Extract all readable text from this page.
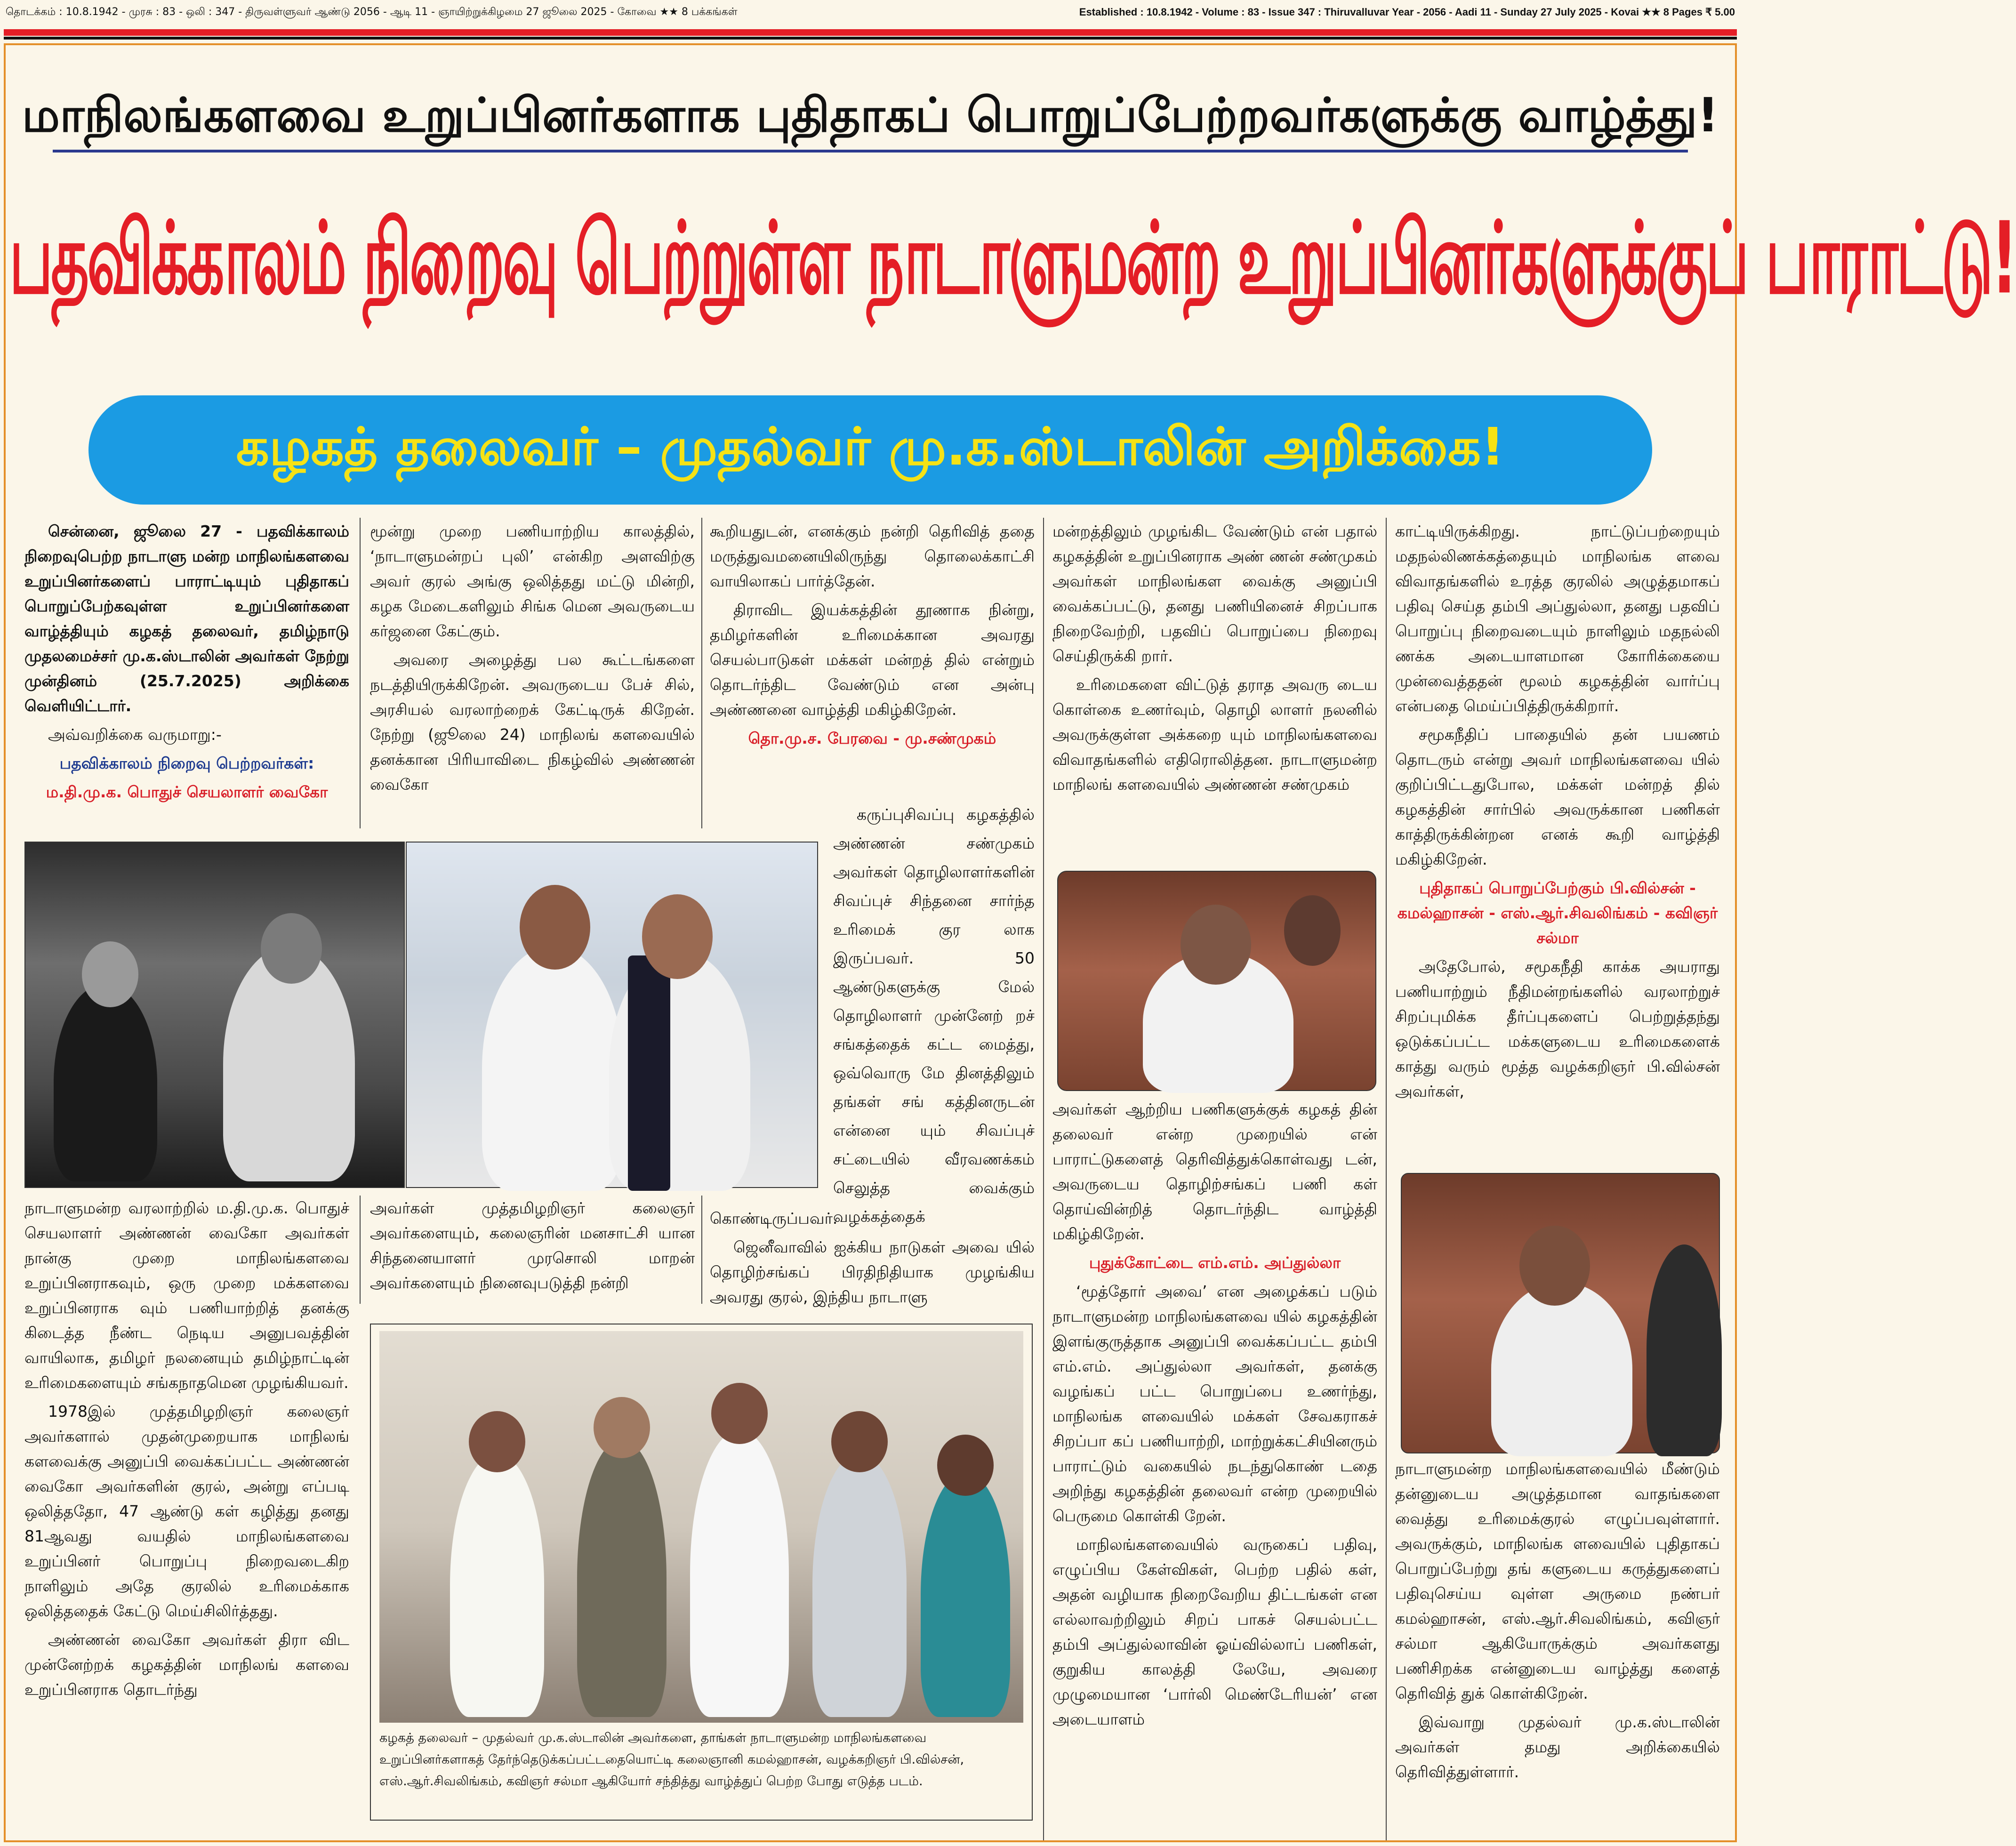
தொடக்கம் : 10.8.1942 - முரசு : 83 - ஒலி : 347 - திருவள்ளுவர் ஆண்டு 2056 - ஆடி 11 - ஞாயிற்றுக்கிழமை 27 ஜூலை 2025 - கோவை ★★ 8 பக்கங்கள்	Established : 10.8.1942 - Volume : 83 - Issue 347 : Thiruvalluvar Year - 2056 - Aadi 11 - Sunday 27 July 2025 - Kovai ★★ 8 Pages ₹ 5.00
மாநிலங்களவை உறுப்பினர்களாக புதிதாகப் பொறுப்பேற்றவர்களுக்கு வாழ்த்து!
பதவிக்காலம் நிறைவு பெற்றுள்ள நாடாளுமன்ற உறுப்பினர்களுக்குப் பாராட்டு!
கழகத் தலைவர் – முதல்வர் மு.க.ஸ்டாலின் அறிக்கை!

சென்னை, ஜூலை 27 - பதவிக்காலம் நிறைவுபெற்ற நாடாளு மன்ற மாநிலங்களவை உறுப்பினர்களைப் பாராட்டியும் புதிதாகப் பொறுப்பேற்கவுள்ள உறுப்பினர்களை வாழ்த்தியும் கழகத் தலைவர், தமிழ்நாடு முதலமைச்சர் மு.க.ஸ்டாலின் அவர்கள் நேற்று முன்தினம் (25.7.2025) அறிக்கை வெளியிட்டார்.

அவ்வறிக்கை வருமாறு:-

பதவிக்காலம் நிறைவு பெற்றவர்கள்:

ம.தி.மு.க. பொதுச் செயலாளர் வைகோ

மூன்று முறை பணியாற்றிய காலத்தில், ‘நாடாளுமன்றப் புலி’ என்கிற அளவிற்கு அவர் குரல் அங்கு ஒலித்தது மட்டு மின்றி, கழக மேடைகளிலும் சிங்க மென அவருடைய கர்ஜனை கேட்கும்.

அவரை அழைத்து பல கூட்டங்களை நடத்தியிருக்கிறேன். அவருடைய பேச் சில், அரசியல் வரலாற்றைக் கேட்டிருக் கிறேன். நேற்று (ஜூலை 24) மாநிலங் களவையில் தனக்கான பிரியாவிடை நிகழ்வில் அண்ணன் வைகோ

கூறியதுடன், எனக்கும் நன்றி தெரிவித் ததை மருத்துவமனையிலிருந்து தொலைக்காட்சி வாயிலாகப் பார்த்தேன்.

திராவிட இயக்கத்தின் தூணாக நின்று, தமிழர்களின் உரிமைக்கான அவரது செயல்பாடுகள் மக்கள் மன்றத் தில் என்றும் தொடர்ந்திட வேண்டும் என அன்பு அண்ணனை வாழ்த்தி மகிழ்கிறேன்.

தொ.மு.ச. பேரவை - மு.சண்முகம்

கருப்புசிவப்பு கழகத்தில் அண்ணன் சண்முகம் அவர்கள் தொழிலாளர்களின் சிவப்புச் சிந்தனை சார்ந்த உரிமைக் குர லாக இருப்பவர். 50 ஆண்டுகளுக்கு மேல் தொழிலாளர் முன்னேற் றச் சங்கத்தைக் கட்ட மைத்து, ஒவ்வொரு மே தினத்திலும் தங்கள் சங் கத்தினருடன் என்னை யும் சிவப்புச் சட்டையில் வீரவணக்கம் செலுத்த வைக்கும் வழக்கத்தைக்

கொண்டிருப்பவர்.

ஜெனீவாவில் ஐக்கிய நாடுகள் அவை யில் தொழிற்சங்கப் பிரதிநிதியாக முழங்கிய அவரது குரல், இந்திய நாடாளு

மன்றத்திலும் முழங்கிட வேண்டும் என் பதால் கழகத்தின் உறுப்பினராக அண் ணன் சண்முகம் அவர்கள் மாநிலங்கள வைக்கு அனுப்பி வைக்கப்பட்டு, தனது பணியினைச் சிறப்பாக நிறைவேற்றி, பதவிப் பொறுப்பை நிறைவு செய்திருக்கி றார்.

உரிமைகளை விட்டுத் தராத அவரு டைய கொள்கை உணர்வும், தொழி லாளர் நலனில் அவருக்குள்ள அக்கறை யும் மாநிலங்களவை விவாதங்களில் எதிரொலித்தன. நாடாளுமன்ற மாநிலங் களவையில் அண்ணன் சண்முகம்

அவர்கள் ஆற்றிய பணிகளுக்குக் கழகத் தின் தலைவர் என்ற முறையில் என் பாராட்டுகளைத் தெரிவித்துக்கொள்வது டன், அவருடைய தொழிற்சங்கப் பணி கள் தொய்வின்றித் தொடர்ந்திட வாழ்த்தி மகிழ்கிறேன்.

புதுக்கோட்டை எம்.எம். அப்துல்லா

‘மூத்தோர் அவை’ என அழைக்கப் படும் நாடாளுமன்ற மாநிலங்களவை யில் கழகத்தின் இளங்குருத்தாக அனுப்பி வைக்கப்பட்ட தம்பி எம்.எம். அப்துல்லா அவர்கள், தனக்கு வழங்கப் பட்ட பொறுப்பை உணர்ந்து, மாநிலங்க ளவையில் மக்கள் சேவகராகச் சிறப்பா கப் பணியாற்றி, மாற்றுக்கட்சியினரும் பாராட்டும் வகையில் நடந்துகொண் டதை அறிந்து கழகத்தின் தலைவர் என்ற முறையில் பெருமை கொள்கி றேன்.

மாநிலங்களவையில் வருகைப் பதிவு, எழுப்பிய கேள்விகள், பெற்ற பதில் கள், அதன் வழியாக நிறைவேறிய திட்டங்கள் என எல்லாவற்றிலும் சிறப் பாகச் செயல்பட்ட தம்பி அப்துல்லாவின் ஓய்வில்லாப் பணிகள், குறுகிய காலத்தி லேயே, அவரை முழுமையான ‘பார்லி மெண்டேரியன்’ என அடையாளம்

காட்டியிருக்கிறது. நாட்டுப்பற்றையும் மதநல்லிணக்கத்தையும் மாநிலங்க ளவை விவாதங்களில் உரத்த குரலில் அழுத்தமாகப் பதிவு செய்த தம்பி அப்துல்லா, தனது பதவிப் பொறுப்பு நிறைவடையும் நாளிலும் மதநல்லி ணக்க அடையாளமான கோரிக்கையை முன்வைத்ததன் மூலம் கழகத்தின் வார்ப்பு என்பதை மெய்ப்பித்திருக்கிறார்.

சமூகநீதிப் பாதையில் தன் பயணம் தொடரும் என்று அவர் மாநிலங்களவை யில் குறிப்பிட்டதுபோல, மக்கள் மன்றத் தில் கழகத்தின் சார்பில் அவருக்கான பணிகள் காத்திருக்கின்றன எனக் கூறி வாழ்த்தி மகிழ்கிறேன்.

புதிதாகப் பொறுப்பேற்கும் பி.வில்சன் - கமல்ஹாசன் - எஸ்.ஆர்.சிவலிங்கம் - கவிஞர் சல்மா

அதேபோல், சமூகநீதி காக்க அயராது பணியாற்றும் நீதிமன்றங்களில் வரலாற்றுச் சிறப்புமிக்க தீர்ப்புகளைப் பெற்றுத்தந்து ஒடுக்கப்பட்ட மக்களுடைய உரிமைகளைக் காத்து வரும் மூத்த வழக்கறிஞர் பி.வில்சன் அவர்கள்,

நாடாளுமன்ற மாநிலங்களவையில் மீண்டும் தன்னுடைய அழுத்தமான வாதங்களை வைத்து உரிமைக்குரல் எழுப்பவுள்ளார். அவருக்கும், மாநிலங்க ளவையில் புதிதாகப் பொறுப்பேற்று தங் களுடைய கருத்துகளைப் பதிவுசெய்ய வுள்ள அருமை நண்பர் கமல்ஹாசன், எஸ்.ஆர்.சிவலிங்கம், கவிஞர் சல்மா ஆகியோருக்கும் அவர்களது பணிசிறக்க என்னுடைய வாழ்த்து களைத் தெரிவித் துக் கொள்கிறேன்.

இவ்வாறு முதல்வர் மு.க.ஸ்டாலின் அவர்கள் தமது அறிக்கையில் தெரிவித்துள்ளார்.

நாடாளுமன்ற வரலாற்றில் ம.தி.மு.க. பொதுச் செயலாளர் அண்ணன் வைகோ அவர்கள் நான்கு முறை மாநிலங்களவை உறுப்பினராகவும், ஒரு முறை மக்களவை உறுப்பினராக வும் பணியாற்றித் தனக்கு கிடைத்த நீண்ட நெடிய அனுபவத்தின் வாயிலாக, தமிழர் நலனையும் தமிழ்நாட்டின் உரிமைகளையும் சங்கநாதமென முழங்கியவர்.

1978இல் முத்தமிழறிஞர் கலைஞர் அவர்களால் முதன்முறையாக மாநிலங் களவைக்கு அனுப்பி வைக்கப்பட்ட அண்ணன் வைகோ அவர்களின் குரல், அன்று எப்படி ஒலித்ததோ, 47 ஆண்டு கள் கழித்து தனது 81ஆவது வயதில் மாநிலங்களவை உறுப்பினர் பொறுப்பு நிறைவடைகிற நாளிலும் அதே குரலில் உரிமைக்காக ஒலித்ததைக் கேட்டு மெய்சிலிர்த்தது.

அண்ணன் வைகோ அவர்கள் திரா விட முன்னேற்றக் கழகத்தின் மாநிலங் களவை உறுப்பினராக தொடர்ந்து

அவர்கள் முத்தமிழறிஞர் கலைஞர் அவர்களையும், கலைஞரின் மனசாட்சி யான சிந்தனையாளர் முரசொலி மாறன் அவர்களையும் நினைவுபடுத்தி நன்றி

கழகத் தலைவர் – முதல்வர் மு.க.ஸ்டாலின் அவர்களை, தாங்கள் நாடாளுமன்ற மாநிலங்களவை உறுப்பினர்களாகத் தேர்ந்தெடுக்கப்பட்டதையொட்டி கலைஞானி கமல்ஹாசன், வழக்கறிஞர் பி.வில்சன், எஸ்.ஆர்.சிவலிங்கம், கவிஞர் சல்மா ஆகியோர் சந்தித்து வாழ்த்துப் பெற்ற போது எடுத்த படம்.
